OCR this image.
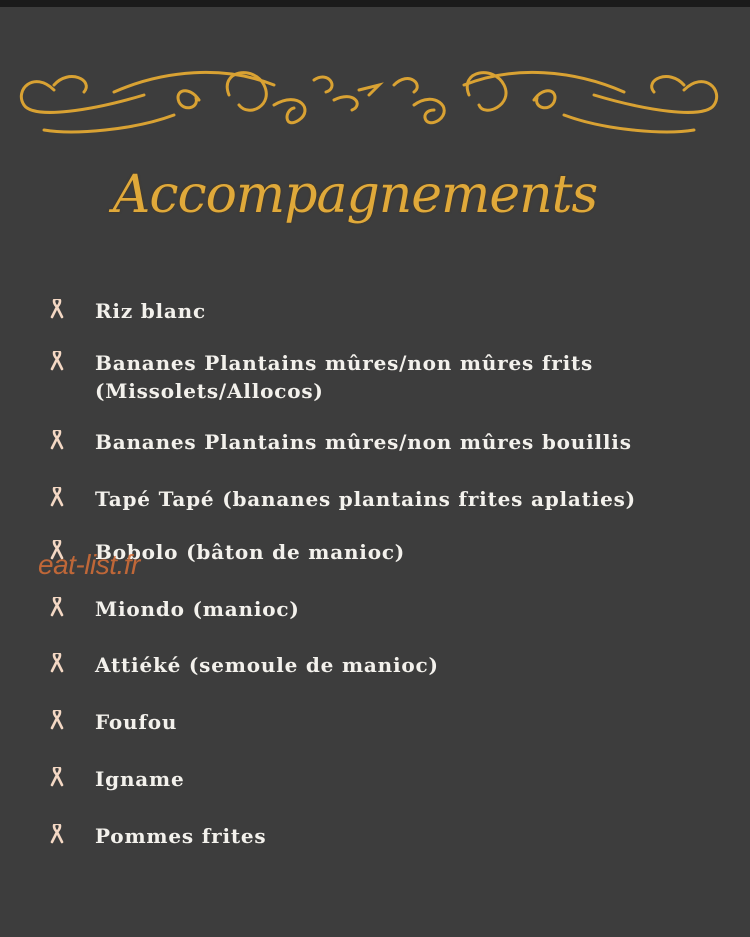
Accompagnements
Riz blanc
Bananes Plantains mûres/non mûres frits (Missolets/Allocos)
Bananes Plantains mûres/non mûres bouillis
Tapé Tapé (bananes plantains frites aplaties)
Bobolo (bâton de manioc)
Miondo (manioc)
Attiéké (semoule de manioc)
Foufou
Igname
Pommes frites
eat-list.fr
